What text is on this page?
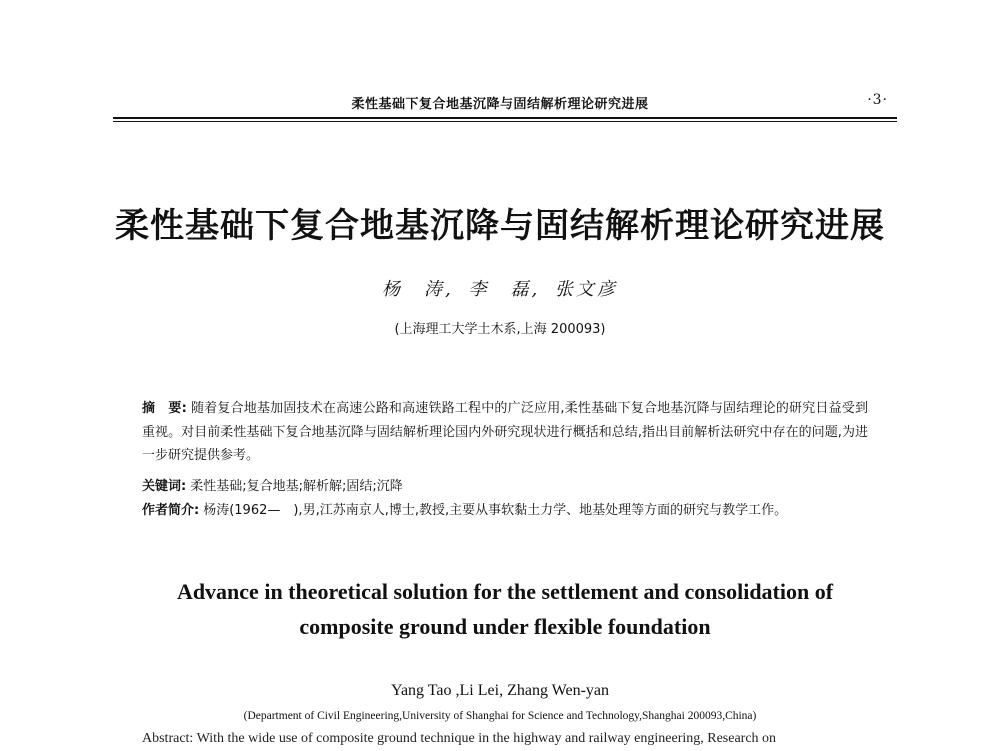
柔性基础下复合地基沉降与固结解析理论研究进展	·3·
柔性基础下复合地基沉降与固结解析理论研究进展
杨　涛, 李　磊, 张文彦
(上海理工大学土木系,上海 200093)
摘　要: 随着复合地基加固技术在高速公路和高速铁路工程中的广泛应用,柔性基础下复合地基沉降与固结理论的研究日益受到重视。对目前柔性基础下复合地基沉降与固结解析理论国内外研究现状进行概括和总结,指出目前解析法研究中存在的问题,为进一步研究提供参考。
关键词: 柔性基础;复合地基;解析解;固结;沉降
作者简介: 杨涛(1962—　),男,江苏南京人,博士,教授,主要从事软黏土力学、地基处理等方面的研究与教学工作。
Advance in theoretical solution for the settlement and consolidation of
composite ground under flexible foundation
Yang Tao ,Li Lei, Zhang Wen-yan
(Department of Civil Engineering,University of Shanghai for Science and Technology,Shanghai 200093,China)
Abstract: With the wide use of composite ground technique in the highway and railway engineering, Research on
